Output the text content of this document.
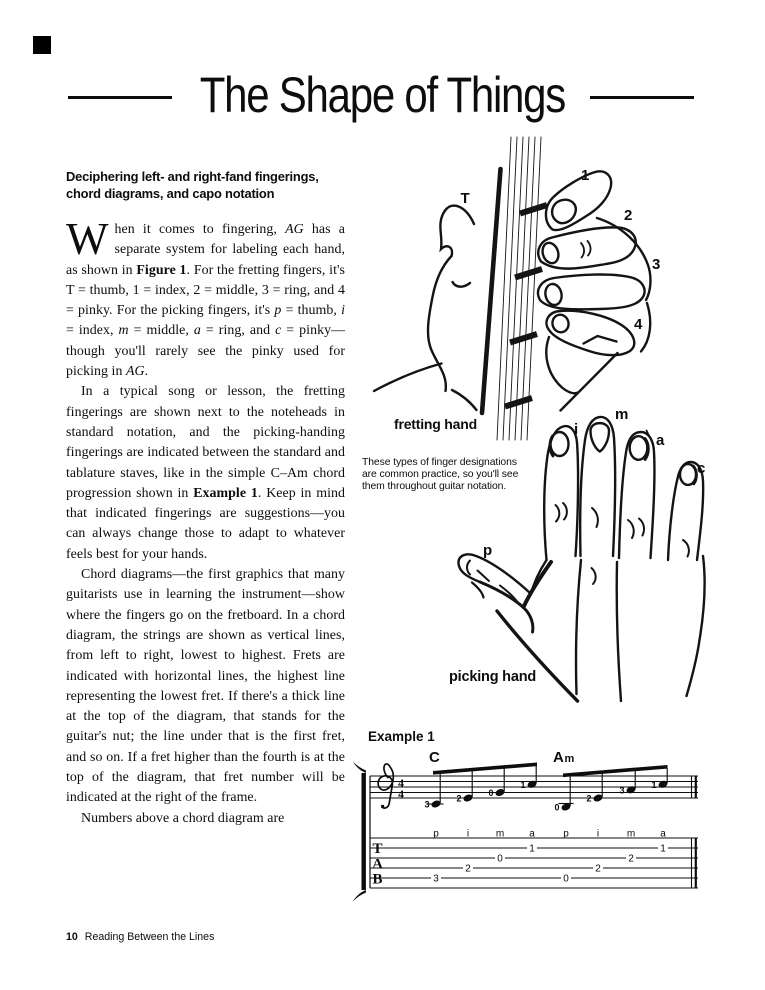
The Shape of Things
Deciphering left- and right-fand fingerings, chord diagrams, and capo notation

When it comes to fingering, AG has a separate system for labeling each hand, as shown in Figure 1. For the fretting fingers, it's T = thumb, 1 = index, 2 = middle, 3 = ring, and 4 = pinky. For the picking fingers, it's p = thumb, i = index, m = middle, a = ring, and c = pinky—though you'll rarely see the pinky used for picking in AG.

In a typical song or lesson, the fretting fingerings are shown next to the noteheads in standard notation, and the picking-handing fingerings are indicated between the standard and tablature staves, like in the simple C–Am chord progression shown in Example 1. Keep in mind that indicated fingerings are suggestions—you can always change those to adapt to whatever feels best for your hands.

Chord diagrams—the first graphics that many guitarists use in learning the instrument—show where the fingers go on the fretboard. In a chord diagram, the strings are shown as vertical lines, from left to right, lowest to highest. Frets are indicated with horizontal lines, the highest line representing the lowest fret. If there's a thick line at the top of the diagram, that stands for the guitar's nut; the line under that is the first fret, and so on. If a fret higher than the fourth is at the top of the diagram, that fret number will be indicated at the right of the frame.

Numbers above a chord diagram are

T
1
2
3
4
fretting hand
These types of finger designations are common practice, so you'll see them throughout guitar notation.
p
i
m
a
c
picking hand
Example 1
4
4
T
A
B
C	A m
3
p
3
2
i
2
0
m
0
1
a
1
0
p
0
2
i
2
3
m
2
1
a
1
10 Reading Between the Lines
